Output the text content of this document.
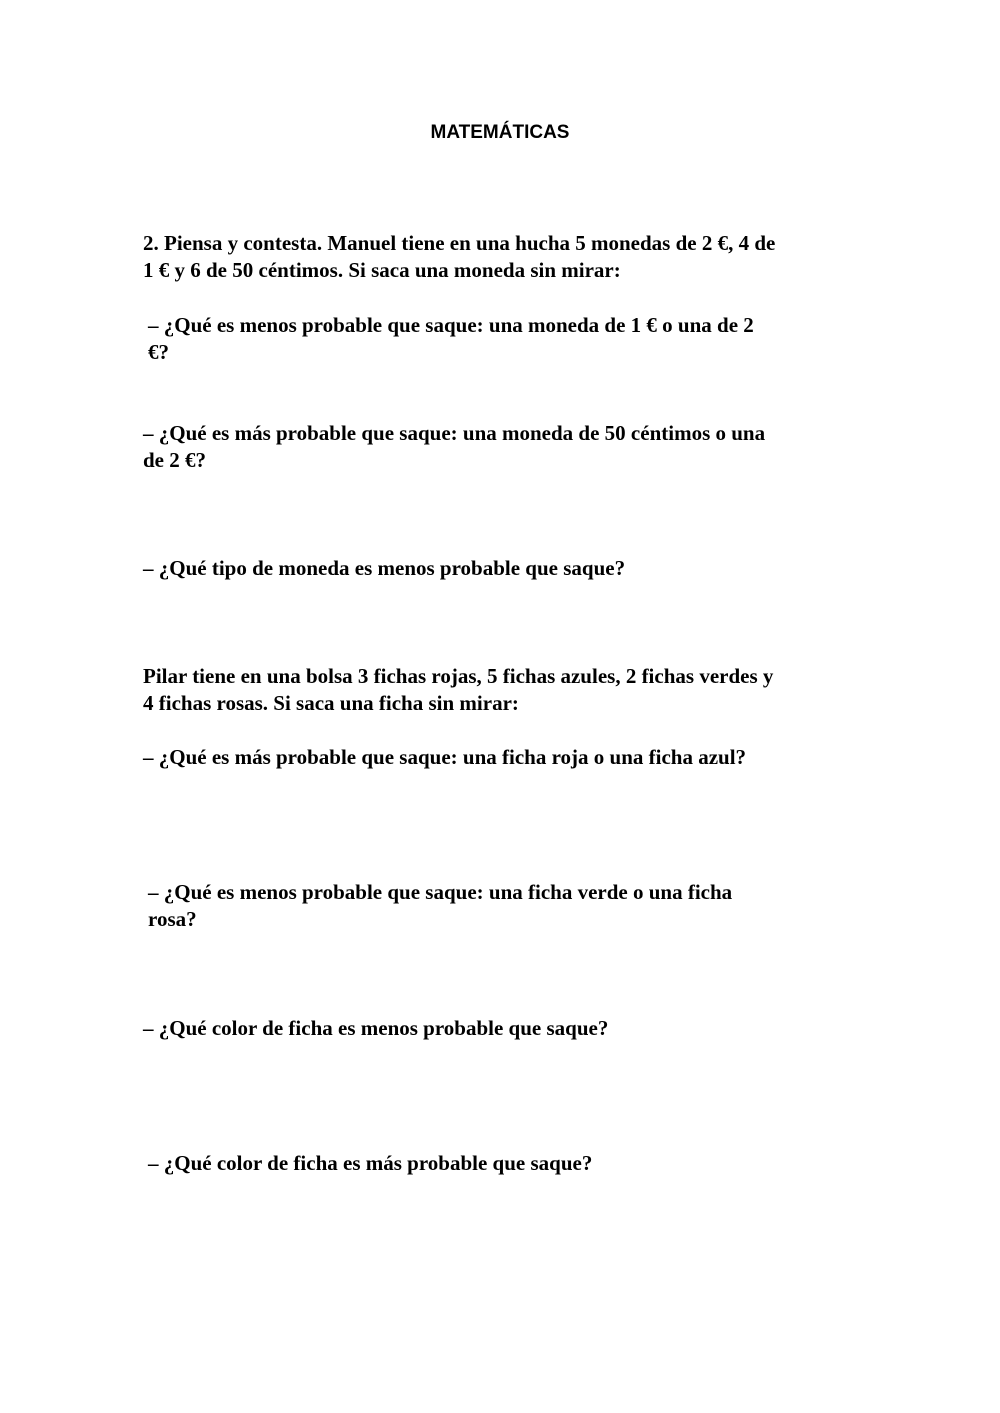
MATEMÁTICAS
2. Piensa y contesta. Manuel tiene en una hucha 5 monedas de 2 €, 4 de
1 € y 6 de 50 céntimos. Si saca una moneda sin mirar:
– ¿Qué es menos probable que saque: una moneda de 1 € o una de 2
€?
– ¿Qué es más probable que saque: una moneda de 50 céntimos o una
de 2 €?
– ¿Qué tipo de moneda es menos probable que saque?
Pilar tiene en una bolsa 3 fichas rojas, 5 fichas azules, 2 fichas verdes y
4 fichas rosas. Si saca una ficha sin mirar:
– ¿Qué es más probable que saque: una ficha roja o una ficha azul?
– ¿Qué es menos probable que saque: una ficha verde o una ficha
rosa?
– ¿Qué color de ficha es menos probable que saque?
– ¿Qué color de ficha es más probable que saque?
